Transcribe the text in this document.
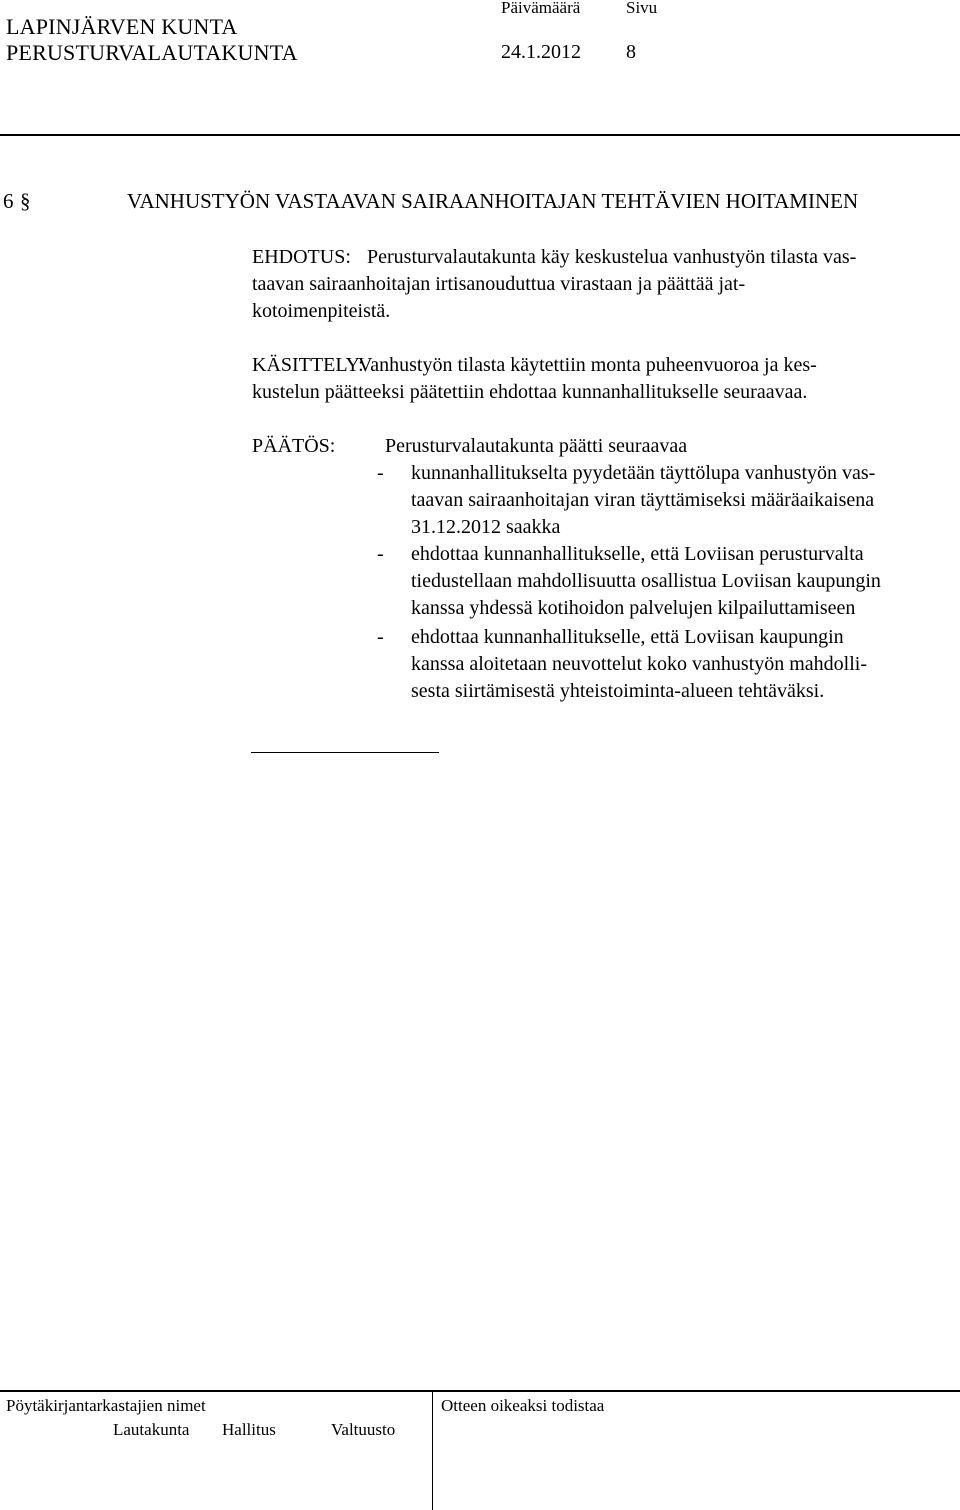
LAPINJÄRVEN KUNTA
PERUSTURVALAUTAKUNTA
Päivämäärä	Sivu
24.1.2012 8
6 §	VANHUSTYÖN VASTAAVAN SAIRAANHOITAJAN TEHTÄVIEN HOITAMINEN
EHDOTUS: Perusturvalautakunta käy keskustelua vanhustyön tilasta vas-
taavan sairaanhoitajan irtisanouduttua virastaan ja päättää jat-
kotoimenpiteistä.
KÄSITTELY:
Vanhustyön tilasta käytettiin monta puheenvuoroa ja kes-
kustelun päätteeksi päätettiin ehdottaa kunnanhallitukselle seuraavaa.
PÄÄTÖS: Perusturvalautakunta päätti seuraavaa
- kunnanhallitukselta pyydetään täyttölupa vanhustyön vas-
taavan sairaanhoitajan viran täyttämiseksi määräaikaisena
31.12.2012 saakka
- ehdottaa kunnanhallitukselle, että Loviisan perusturvalta
tiedustellaan mahdollisuutta osallistua Loviisan kaupungin
kanssa yhdessä kotihoidon palvelujen kilpailuttamiseen
- ehdottaa kunnanhallitukselle, että Loviisan kaupungin
kanssa aloitetaan neuvottelut koko vanhustyön mahdolli-
sesta siirtämisestä yhteistoiminta-alueen tehtäväksi.
Pöytäkirjantarkastajien nimet
Lautakunta Hallitus	Valtuusto
Otteen oikeaksi todistaa
